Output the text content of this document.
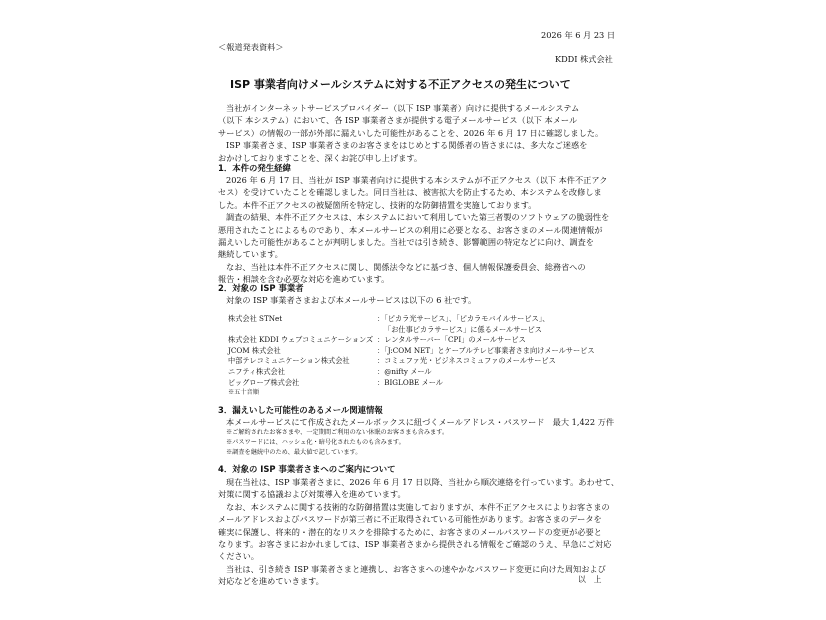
2026 年 6 月 23 日
＜報道発表資料＞
KDDI 株式会社
ISP 事業者向けメールシステムに対する不正アクセスの発生について
当社がインターネットサービスプロバイダー（以下 ISP 事業者）向けに提供するメールシステム
（以下 本システム）において、各 ISP 事業者さまが提供する電子メールサービス（以下 本メール
サービス）の情報の一部が外部に漏えいした可能性があることを、2026 年 6 月 17 日に確認しました。
ISP 事業者さま、ISP 事業者さまのお客さまをはじめとする関係者の皆さまには、多大なご迷惑を
おかけしておりますことを、深くお詫び申し上げます。
1．本件の発生経緯
2026 年 6 月 17 日、当社が ISP 事業者向けに提供する本システムが不正アクセス（以下 本件不正アク
セス）を受けていたことを確認しました。同日当社は、被害拡大を防止するため、本システムを改修しま
した。本件不正アクセスの被疑箇所を特定し、技術的な防御措置を実施しております。
調査の結果、本件不正アクセスは、本システムにおいて利用していた第三者製のソフトウェアの脆弱性を
悪用されたことによるものであり、本メールサービスの利用に必要となる、お客さまのメール関連情報が
漏えいした可能性があることが判明しました。当社では引き続き、影響範囲の特定などに向け、調査を
継続しています。
なお、当社は本件不正アクセスに関し、関係法令などに基づき、個人情報保護委員会、総務省への
報告・相談を含む必要な対応を進めています。
2．対象の ISP 事業者
対象の ISP 事業者さまおよび本メールサービスは以下の 6 社です。
株式会社 STNet	：「ピカラ光サービス」、「ピカラモバイルサービス」、
	「お仕事ピカラサービス」に係るメールサービス
株式会社 KDDI ウェブコミュニケーションズ	：レンタルサーバー「CPI」のメールサービス
JCOM 株式会社	：「J:COM NET」とケーブルテレビ事業者さま向けメールサービス
中部テレコミュニケーション株式会社	：コミュファ光・ビジネスコミュファのメールサービス
ニフティ株式会社	：@nifty メール
ビッグローブ株式会社	：BIGLOBE メール
※五十音順
3．漏えいした可能性のあるメール関連情報
本メールサービスにて作成されたメールボックスに紐づくメールアドレス・パスワード　最大 1,422 万件
※ご解約されたお客さまや、一定期間ご利用のない休眠のお客さまも含みます。
※パスワードには、ハッシュ化・暗号化されたものも含みます。
※調査を継続中のため、最大値で記しています。
4．対象の ISP 事業者さまへのご案内について
現在当社は、ISP 事業者さまに、2026 年 6 月 17 日以降、当社から順次連絡を行っています。あわせて、
対策に関する協議および対策導入を進めています。
なお、本システムに関する技術的な防御措置は実施しておりますが、本件不正アクセスによりお客さまの
メールアドレスおよびパスワードが第三者に不正取得されている可能性があります。お客さまのデータを
確実に保護し、将来的・潜在的なリスクを排除するために、お客さまのメールパスワードの変更が必要と
なります。お客さまにおかれましては、ISP 事業者さまから提供される情報をご確認のうえ、早急にご対応
ください。
当社は、引き続き ISP 事業者さまと連携し、お客さまへの速やかなパスワード変更に向けた周知および
対応などを進めていきます。	以　上
